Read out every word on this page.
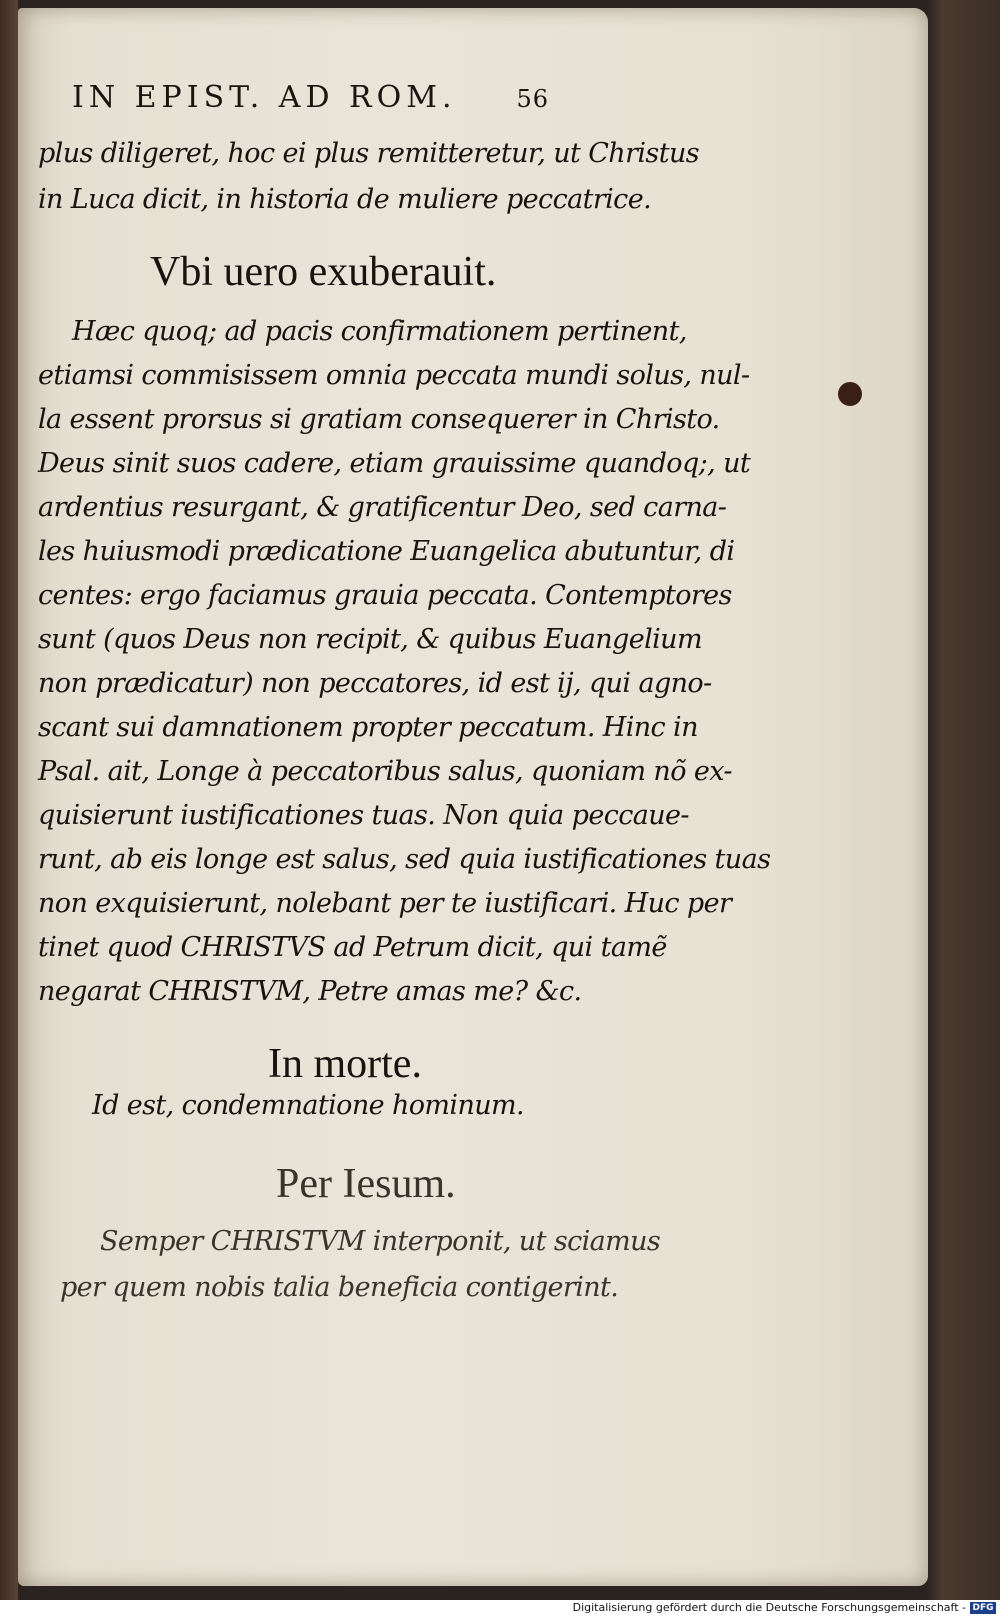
IN EPIST. AD ROM.	56
plus diligeret, hoc ei plus remitteretur, ut Christus
in Luca dicit, in historia de muliere peccatrice.
Vbi uero exuberauit.
Hæc quoq; ad pacis confirmationem pertinent,
etiamsi commisissem omnia peccata mundi solus, nul-
la essent prorsus si gratiam consequerer in Christo.
Deus sinit suos cadere, etiam grauissime quandoq;, ut
ardentius resurgant, & gratificentur Deo, sed carna-
les huiusmodi prædicatione Euangelica abutuntur, di
centes: ergo faciamus grauia peccata. Contemptores
sunt (quos Deus non recipit, & quibus Euangelium
non prædicatur) non peccatores, id est ij, qui agno-
scant sui damnationem propter peccatum. Hinc in
Psal. ait, Longe à peccatoribus salus, quoniam nõ ex-
quisierunt iustificationes tuas. Non quia peccaue-
runt, ab eis longe est salus, sed quia iustificationes tuas
non exquisierunt, nolebant per te iustificari. Huc per
tinet quod CHRISTVS ad Petrum dicit, qui tamẽ
negarat CHRISTVM, Petre amas me? &c.
In morte.
Id est, condemnatione hominum.
Per Iesum.
Semper CHRISTVM interponit, ut sciamus
per quem nobis talia beneficia contigerint.
Digitalisierung gefördert durch die Deutsche Forschungsgemeinschaft - DFG
